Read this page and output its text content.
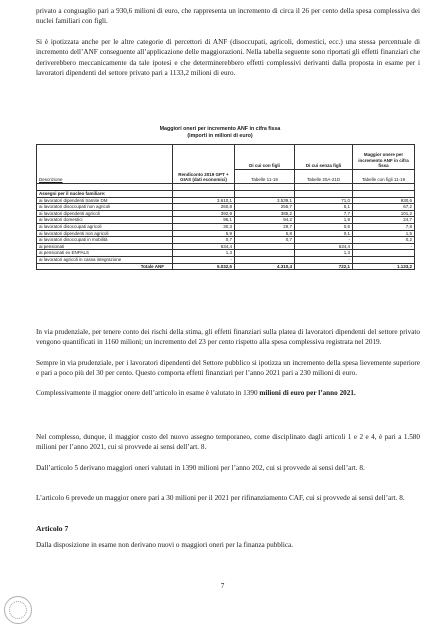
privato a conguaglio pari a 930,6 milioni di euro, che rappresenta un incremento di circa il 26 per cento della spesa complessiva dei nuclei familiari con figli.

Si è ipotizzata anche per le altre categorie di percettori di ANF (disoccupati, agricoli, domestici, ecc.) una stessa percentuale di incremento dell’ANF conseguente all’applicazione delle maggiorazioni. Nella tabella seguente sono riportati gli effetti finanziari che deriverebbero meccanicamente da tale ipotesi e che determinerebbero effetti complessivi derivanti dalla proposta in esame per i lavoratori dipendenti del settore privato pari a 1133,2 milioni di euro.

Maggiori oneri per incremento ANF in cifra fissa
(importi in milioni di euro)
Descrizione	Rendiconto 2019 GPT + GIAS (dati economici)	Di cui con figli	Di cui senza figli	Maggior onere per incremento ANF in cifra fissa
		Tabelle 11-19	Tabelle 20A-21D	Tabelle con figli 11-19

Assegni per il nucleo familiare:				
ai lavoratori dipendenti tramite DM	3.610,1	3.539,1	71,0	930,6
ai lavoratori disoccupati non agricoli	260,8	255,7	5,1	67,2
ai lavoratori dipendenti agricoli	392,9	385,2	7,7	101,2
ai lavoratori domestici	96,1	94,2	1,9	24,7
ai lavoratori disoccupati agricoli	30,3	29,7	0,6	7,8
ai lavoratori dipendenti non agricoli	5,9	5,8	0,1	1,5
ai lavoratori disoccupati in mobilità	0,7	0,7	-	0,2
ai pensionati	634,4		634,4	-
ai pensionati ex ENPALS	1,3		1,3	
ai lavoratori agricoli in cassa integrazione	-		-	
Totale ANF	5.032,5	4.310,4	722,1	1.133,2

In via prudenziale, per tenere conto dei rischi della stima, gli effetti finanziari sulla platea di lavoratori dipendenti del settore privato vengono quantificati in 1160 milioni; un incremento del 23 per cento rispetto alla spesa complessiva registrata nel 2019.

Sempre in via prudenziale, per i lavoratori dipendenti del Settore pubblico si ipotizza un incremento della spesa lievemente superiore e pari a poco più del 30 per cento. Questo comporta effetti finanziari per l’anno 2021 pari a 230 milioni di euro.

Complessivamente il maggior onere dell’articolo in esame è valutato in 1390 milioni di euro per l’anno 2021.

Nel complesso, dunque, il maggior costo del nuovo assegno temporaneo, come disciplinato dagli articoli 1 e 2 e 4, è pari a 1.580 milioni per l’anno 2021, cui si provvede ai sensi dell’art. 8.

Dall’articolo 5 derivano maggiori oneri valutati in 1390 milioni per l’anno 202, cui si provvede ai sensi dell’art. 8.

L’articolo 6 prevede un maggior onere pari a 30 milioni per il 2021 per rifinanziamento CAF, cui si provvede ai sensi dell’art. 8.

Articolo 7

Dalla disposizione in esame non derivano nuovi o maggiori oneri per la finanza pubblica.

7
